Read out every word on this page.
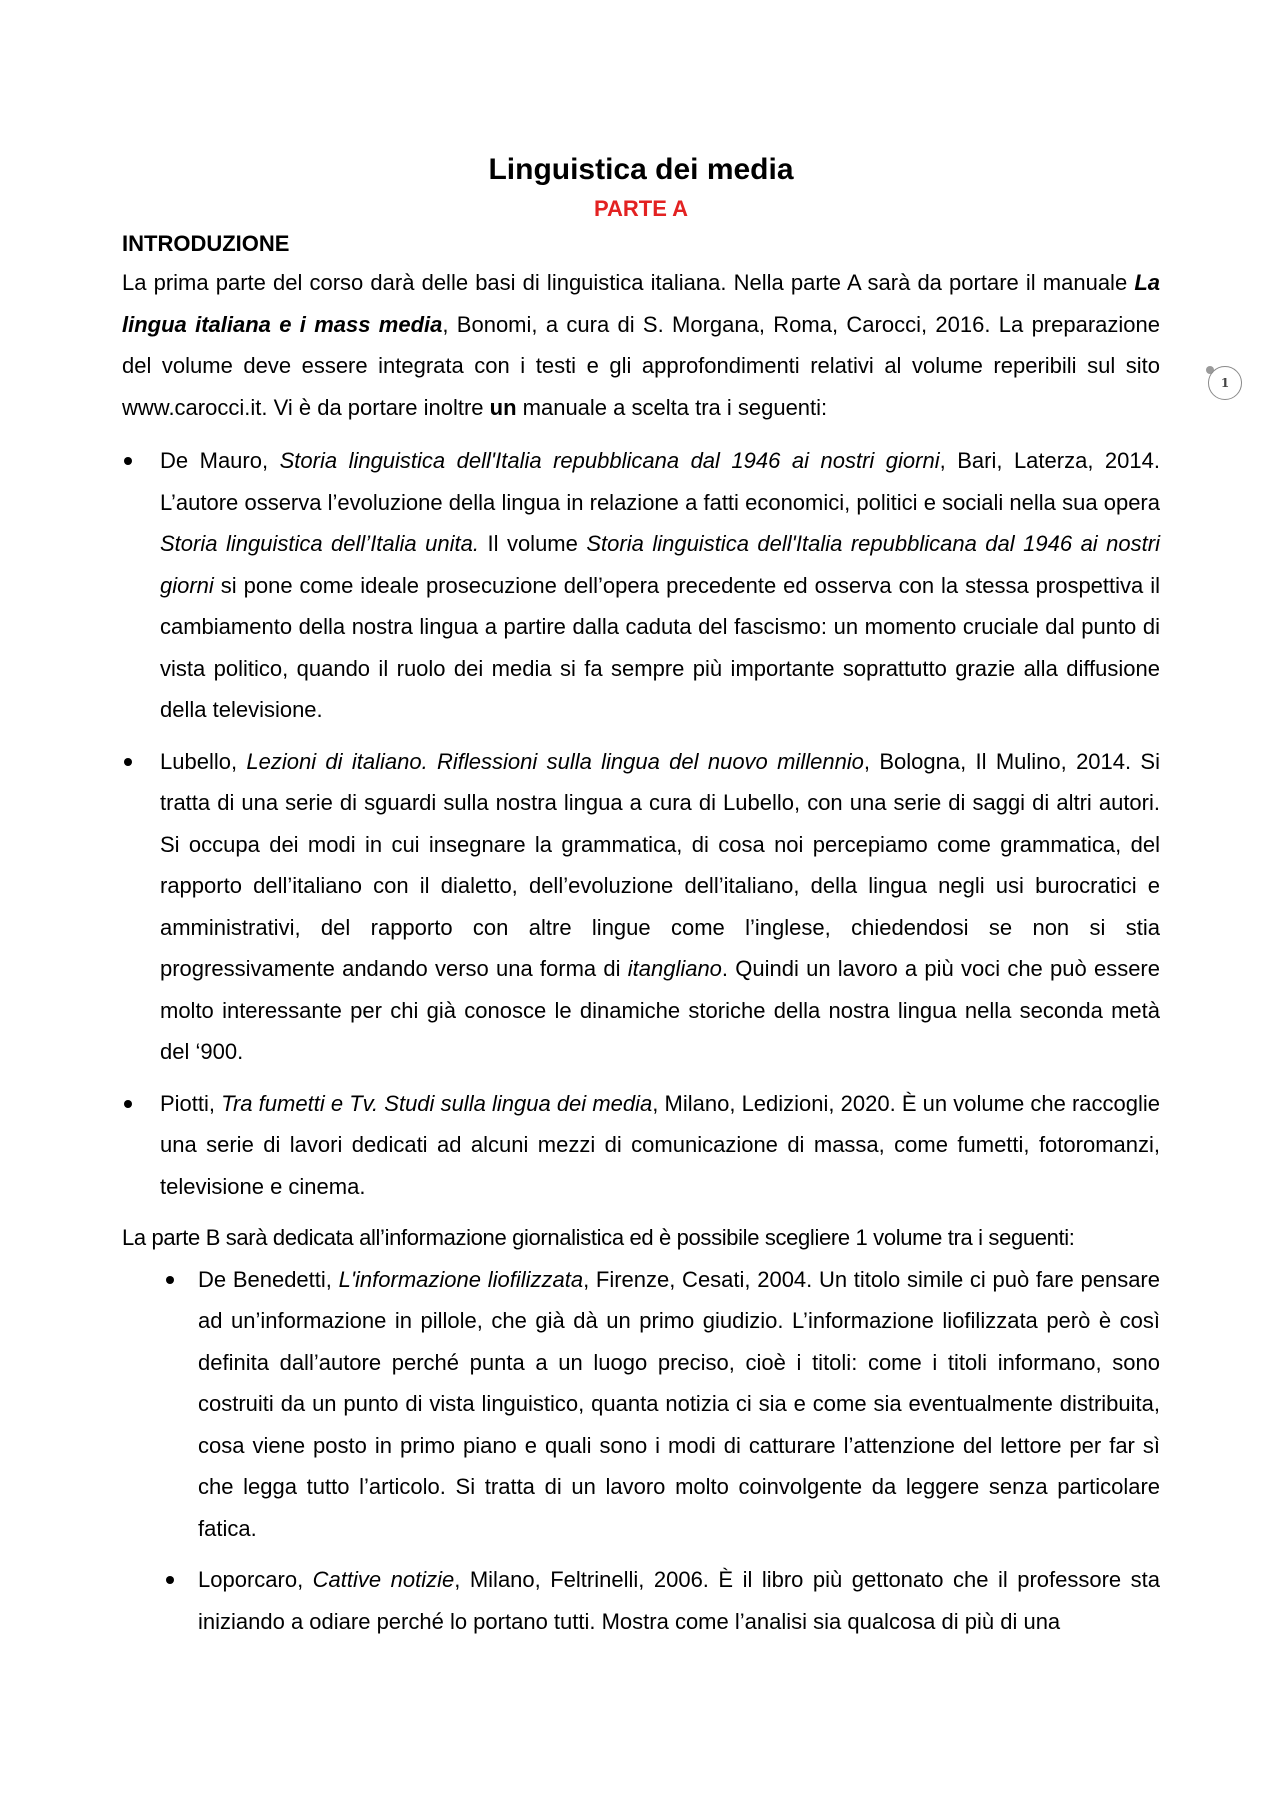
1
Linguistica dei media
PARTE A
INTRODUZIONE

La prima parte del corso darà delle basi di linguistica italiana. Nella parte A sarà da portare il manuale La lingua italiana e i mass media, Bonomi, a cura di S. Morgana, Roma, Carocci, 2016. La preparazione del volume deve essere integrata con i testi e gli approfondimenti relativi al volume reperibili sul sito www.carocci.it. Vi è da portare inoltre un manuale a scelta tra i seguenti:

De Mauro, Storia linguistica dell'Italia repubblicana dal 1946 ai nostri giorni, Bari, Laterza, 2014. L’autore osserva l’evoluzione della lingua in relazione a fatti economici, politici e sociali nella sua opera Storia linguistica dell’Italia unita. Il volume Storia linguistica dell'Italia repubblicana dal 1946 ai nostri giorni si pone come ideale prosecuzione dell’opera precedente ed osserva con la stessa prospettiva il cambiamento della nostra lingua a partire dalla caduta del fascismo: un momento cruciale dal punto di vista politico, quando il ruolo dei media si fa sempre più importante soprattutto grazie alla diffusione della televisione.
Lubello, Lezioni di italiano. Riflessioni sulla lingua del nuovo millennio, Bologna, Il Mulino, 2014. Si tratta di una serie di sguardi sulla nostra lingua a cura di Lubello, con una serie di saggi di altri autori. Si occupa dei modi in cui insegnare la grammatica, di cosa noi percepiamo come grammatica, del rapporto dell’italiano con il dialetto, dell’evoluzione dell’italiano, della lingua negli usi burocratici e amministrativi, del rapporto con altre lingue come l’inglese, chiedendosi se non si stia progressivamente andando verso una forma di itangliano. Quindi un lavoro a più voci che può essere molto interessante per chi già conosce le dinamiche storiche della nostra lingua nella seconda metà del ‘900.
Piotti, Tra fumetti e Tv. Studi sulla lingua dei media, Milano, Ledizioni, 2020. È un volume che raccoglie una serie di lavori dedicati ad alcuni mezzi di comunicazione di massa, come fumetti, fotoromanzi, televisione e cinema.

La parte B sarà dedicata all’informazione giornalistica ed è possibile scegliere 1 volume tra i seguenti:

De Benedetti, L'informazione liofilizzata, Firenze, Cesati, 2004. Un titolo simile ci può fare pensare ad un’informazione in pillole, che già dà un primo giudizio. L’informazione liofilizzata però è così definita dall’autore perché punta a un luogo preciso, cioè i titoli: come i titoli informano, sono costruiti da un punto di vista linguistico, quanta notizia ci sia e come sia eventualmente distribuita, cosa viene posto in primo piano e quali sono i modi di catturare l’attenzione del lettore per far sì che legga tutto l’articolo. Si tratta di un lavoro molto coinvolgente da leggere senza particolare fatica.
Loporcaro, Cattive notizie, Milano, Feltrinelli, 2006. È il libro più gettonato che il professore sta iniziando a odiare perché lo portano tutti. Mostra come l’analisi sia qualcosa di più di una
